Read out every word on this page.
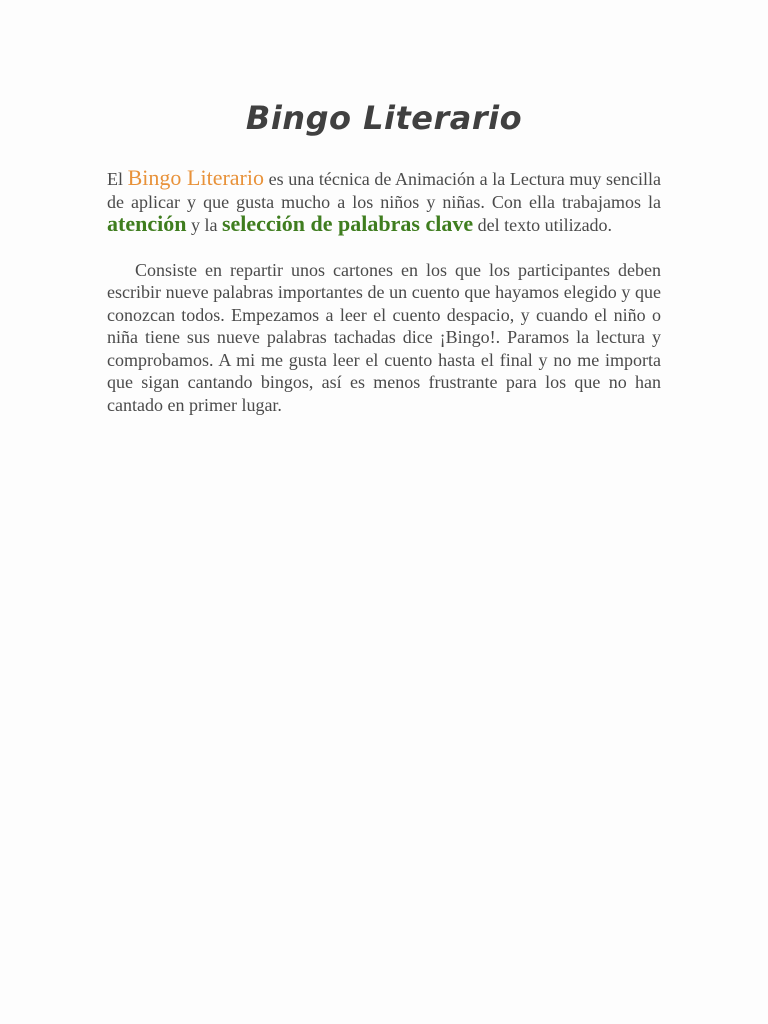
Bingo Literario

El Bingo Literario es una técnica de Animación a la Lectura muy sencilla de aplicar y que gusta mucho a los niños y niñas. Con ella trabajamos la atención y la selección de palabras clave del texto utilizado.

Consiste en repartir unos cartones en los que los participantes deben escribir nueve palabras importantes de un cuento que hayamos elegido y que conozcan todos. Empezamos a leer el cuento despacio, y cuando el niño o niña tiene sus nueve palabras tachadas dice ¡Bingo!. Paramos la lectura y comprobamos. A mi me gusta leer el cuento hasta el final y no me importa que sigan cantando bingos, así es menos frustrante para los que no han cantado en primer lugar.
